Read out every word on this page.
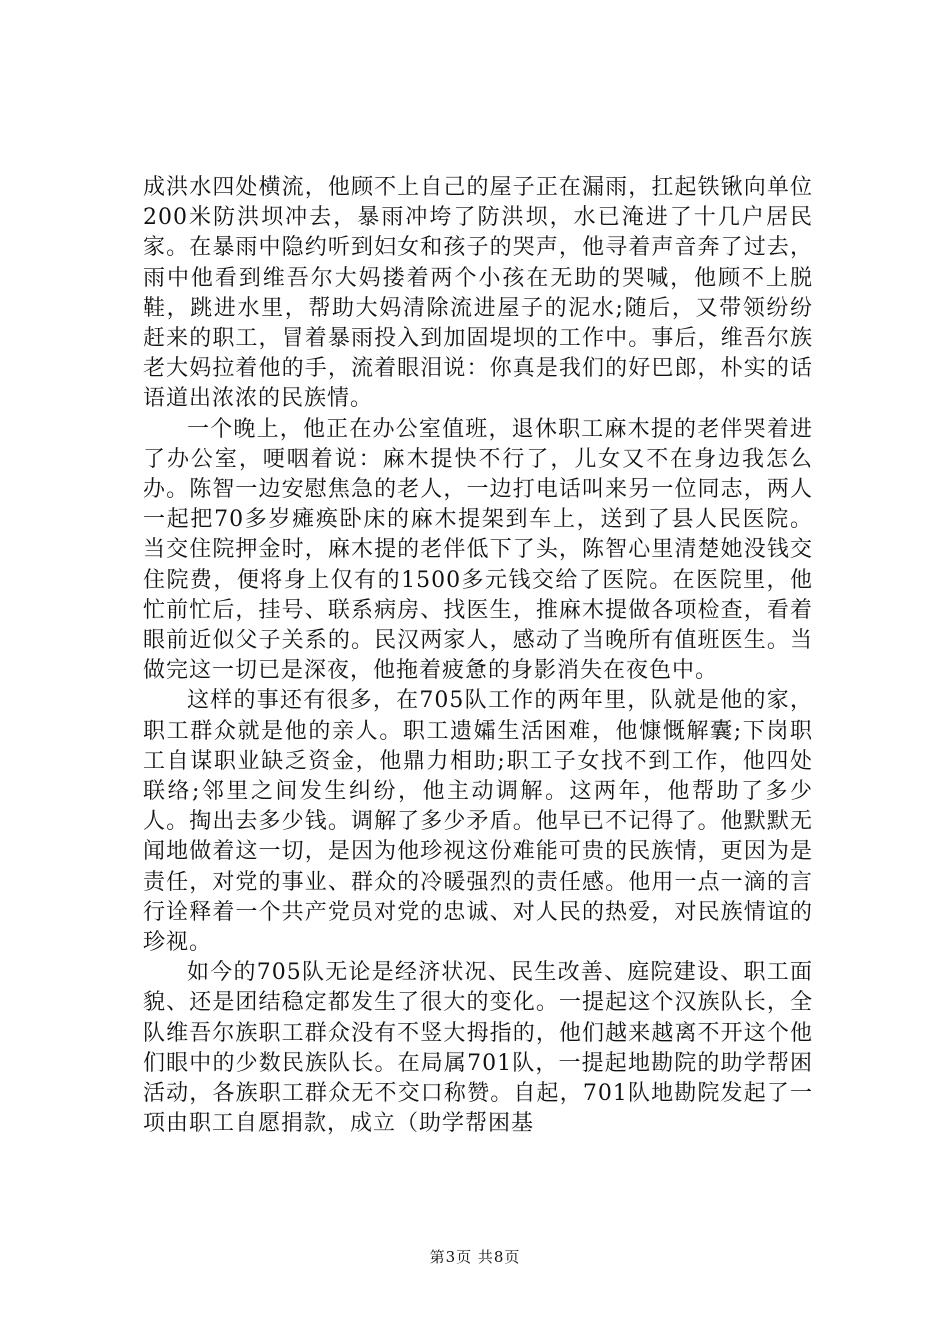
成洪水四处横流，他顾不上自己的屋子正在漏雨，扛起铁锹向单位200米防洪坝冲去，暴雨冲垮了防洪坝，水已淹进了十几户居民家。在暴雨中隐约听到妇女和孩子的哭声，他寻着声音奔了过去，雨中他看到维吾尔大妈搂着两个小孩在无助的哭喊，他顾不上脱鞋，跳进水里，帮助大妈清除流进屋子的泥水;随后，又带领纷纷赶来的职工，冒着暴雨投入到加固堤坝的工作中。事后，维吾尔族老大妈拉着他的手，流着眼泪说：你真是我们的好巴郎，朴实的话语道出浓浓的民族情。

一个晚上，他正在办公室值班，退休职工麻木提的老伴哭着进了办公室，哽咽着说：麻木提快不行了，儿女又不在身边我怎么办。陈智一边安慰焦急的老人，一边打电话叫来另一位同志，两人一起把70多岁瘫痪卧床的麻木提架到车上，送到了县人民医院。当交住院押金时，麻木提的老伴低下了头，陈智心里清楚她没钱交住院费，便将身上仅有的1500多元钱交给了医院。在医院里，他忙前忙后，挂号、联系病房、找医生，推麻木提做各项检查，看着眼前近似父子关系的。民汉两家人，感动了当晚所有值班医生。当做完这一切已是深夜，他拖着疲惫的身影消失在夜色中。

这样的事还有很多，在705队工作的两年里，队就是他的家，职工群众就是他的亲人。职工遗孀生活困难，他慷慨解囊;下岗职工自谋职业缺乏资金，他鼎力相助;职工子女找不到工作，他四处联络;邻里之间发生纠纷，他主动调解。这两年，他帮助了多少人。掏出去多少钱。调解了多少矛盾。他早已不记得了。他默默无闻地做着这一切，是因为他珍视这份难能可贵的民族情，更因为是责任，对党的事业、群众的冷暖强烈的责任感。他用一点一滴的言行诠释着一个共产党员对党的忠诚、对人民的热爱，对民族情谊的珍视。

如今的705队无论是经济状况、民生改善、庭院建设、职工面貌、还是团结稳定都发生了很大的变化。一提起这个汉族队长，全队维吾尔族职工群众没有不竖大拇指的，他们越来越离不开这个他们眼中的少数民族队长。在局属701队，一提起地勘院的助学帮困活动，各族职工群众无不交口称赞。自起，701队地勘院发起了一项由职工自愿捐款，成立（助学帮困基

第3页 共8页
